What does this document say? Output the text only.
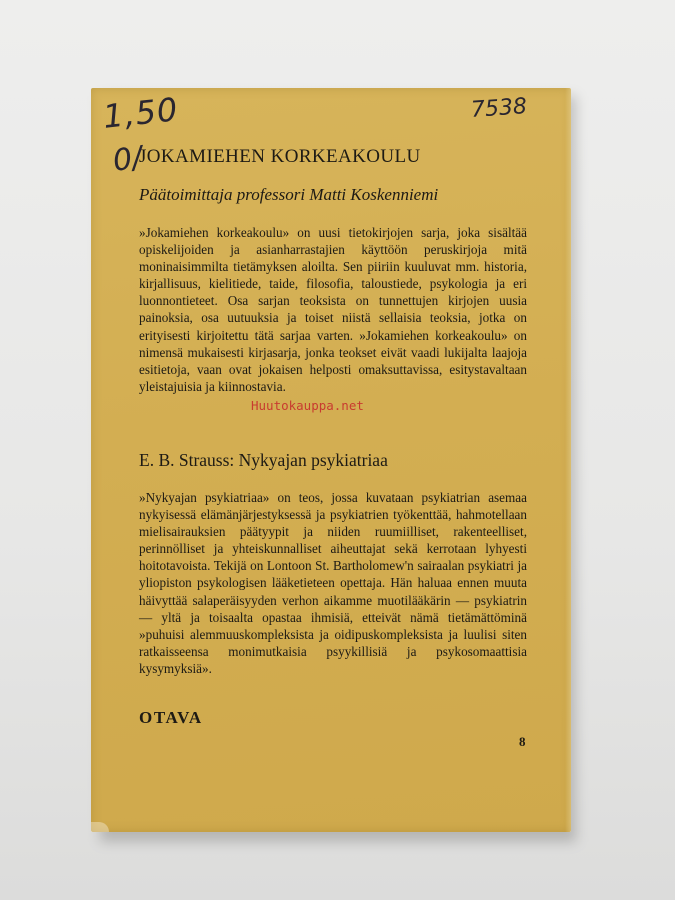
1,50	7538
0/
JOKAMIEHEN KORKEAKOULU
Päätoimittaja professori Matti Koskenniemi

»Jokamiehen korkeakoulu» on uusi tietokirjojen sarja, joka sisältää opiskelijoiden ja asianharrastajien käyttöön peruskirjoja mitä moninaisimmilta tietämyksen aloilta. Sen piiriin kuuluvat mm. historia, kirjallisuus, kielitiede, taide, filosofia, taloustiede, psykologia ja eri luonnontieteet. Osa sarjan teoksista on tunnettujen kirjojen uusia painoksia, osa uutuuksia ja toiset niistä sellaisia teoksia, jotka on erityisesti kirjoitettu tätä sarjaa varten. »Jokamiehen korkeakoulu» on nimensä mukaisesti kirjasarja, jonka teokset eivät vaadi lukijalta laajoja esitietoja, vaan ovat jokaisen helposti omaksuttavissa, esitystavaltaan yleistajuisia ja kiinnostavia.

E. B. Strauss: Nykyajan psykiatriaa

»Nykyajan psykiatriaa» on teos, jossa kuvataan psykiatrian asemaa nykyisessä elämänjärjestyksessä ja psykiatrien työkenttää, hahmotellaan mielisairauksien päätyypit ja niiden ruumiilliset, rakenteelliset, perinnölliset ja yhteiskunnalliset aiheuttajat sekä kerrotaan lyhyesti hoitotavoista. Tekijä on Lontoon St. Bartholomew'n sairaalan psykiatri ja yliopiston psykologisen lääketieteen opettaja. Hän haluaa ennen muuta häivyttää salaperäisyyden verhon aikamme muotilääkärin — psykiatrin — yltä ja toisaalta opastaa ihmisiä, etteivät nämä tietämättöminä »puhuisi alemmuuskompleksista ja oidipuskompleksista ja luulisi siten ratkaisseensa monimutkaisia psyykillisiä ja psykosomaattisia kysymyksiä».

OTAVA
8
Huutokauppa.net
